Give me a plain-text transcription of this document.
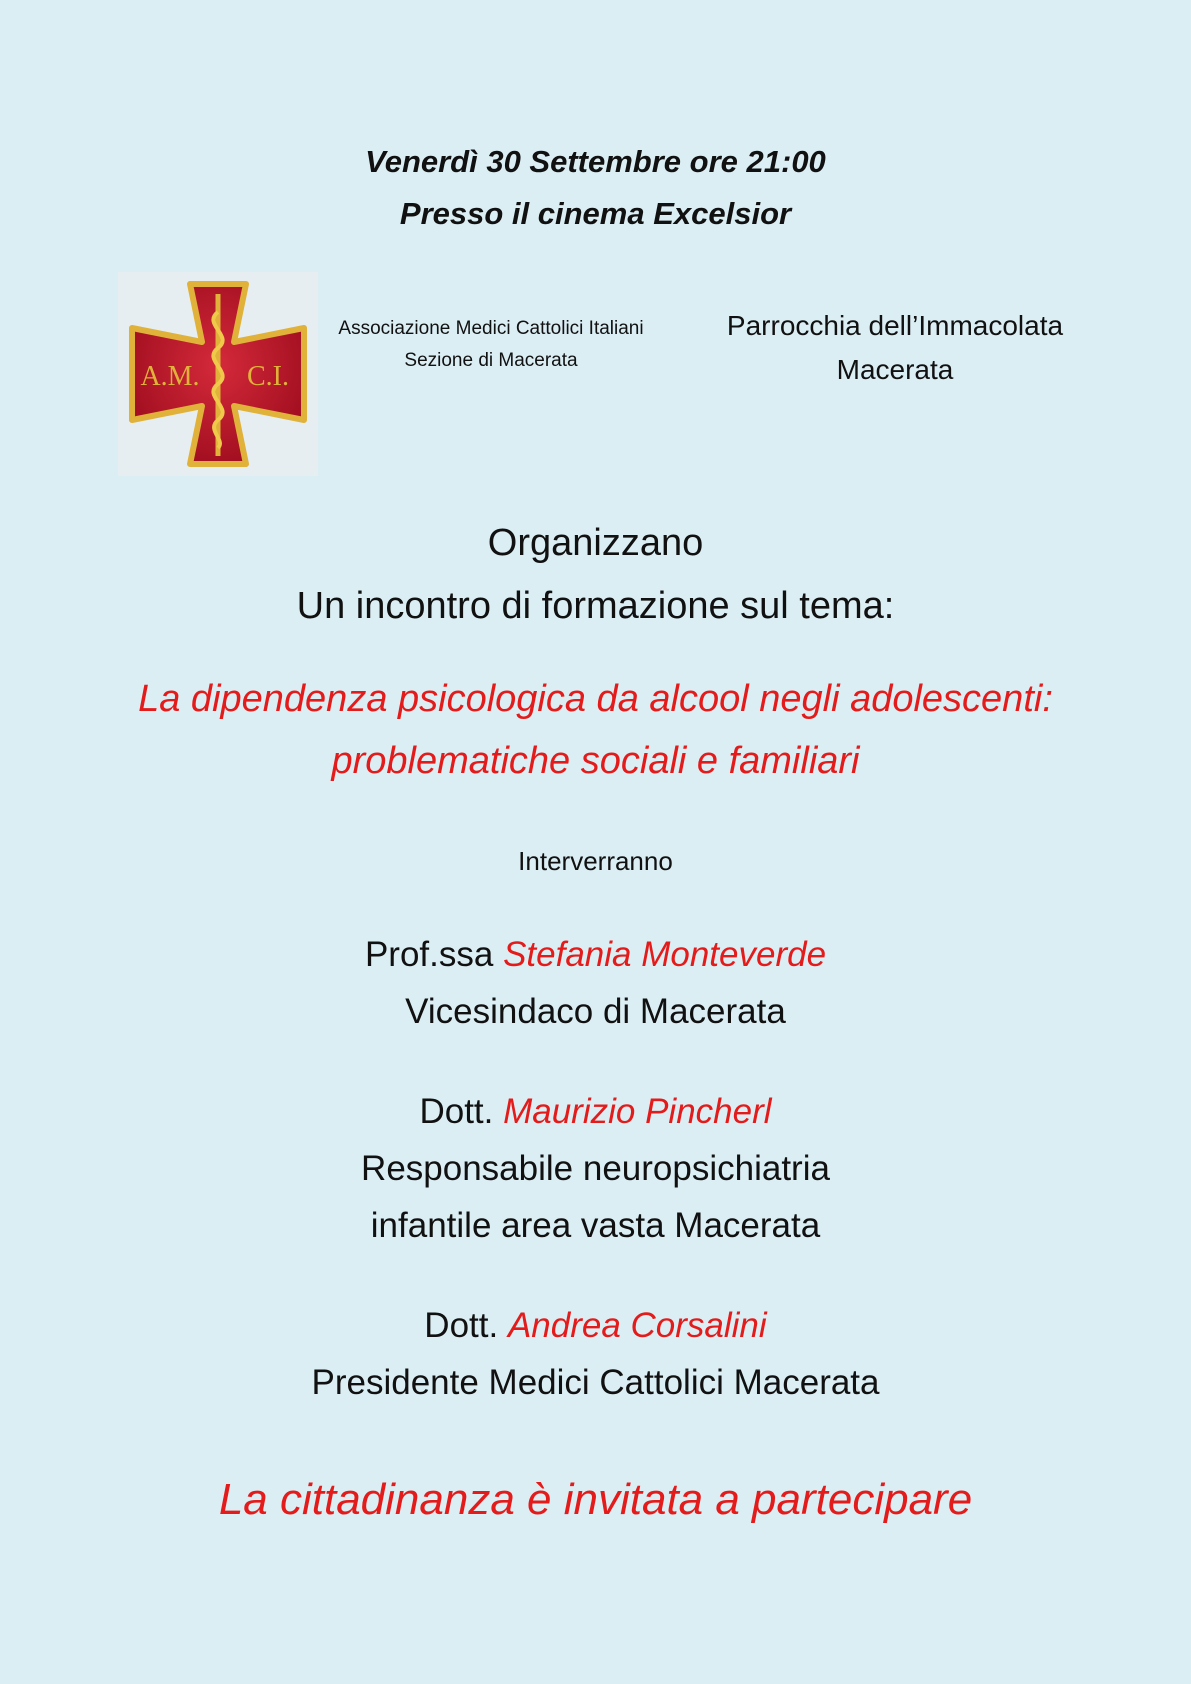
Venerdì 30 Settembre ore 21:00
Presso il cinema Excelsior
A.M. C.I.
Associazione Medici Cattolici Italiani
Sezione di Macerata
Parrocchia dell’Immacolata
Macerata
Organizzano
Un incontro di formazione sul tema:
La dipendenza psicologica da alcool negli adolescenti:
problematiche sociali e familiari
Interverranno
Prof.ssa Stefania Monteverde
Vicesindaco di Macerata
Dott. Maurizio Pincherl
Responsabile neuropsichiatria
infantile area vasta Macerata
Dott. Andrea Corsalini
Presidente Medici Cattolici Macerata
La cittadinanza è invitata a partecipare
